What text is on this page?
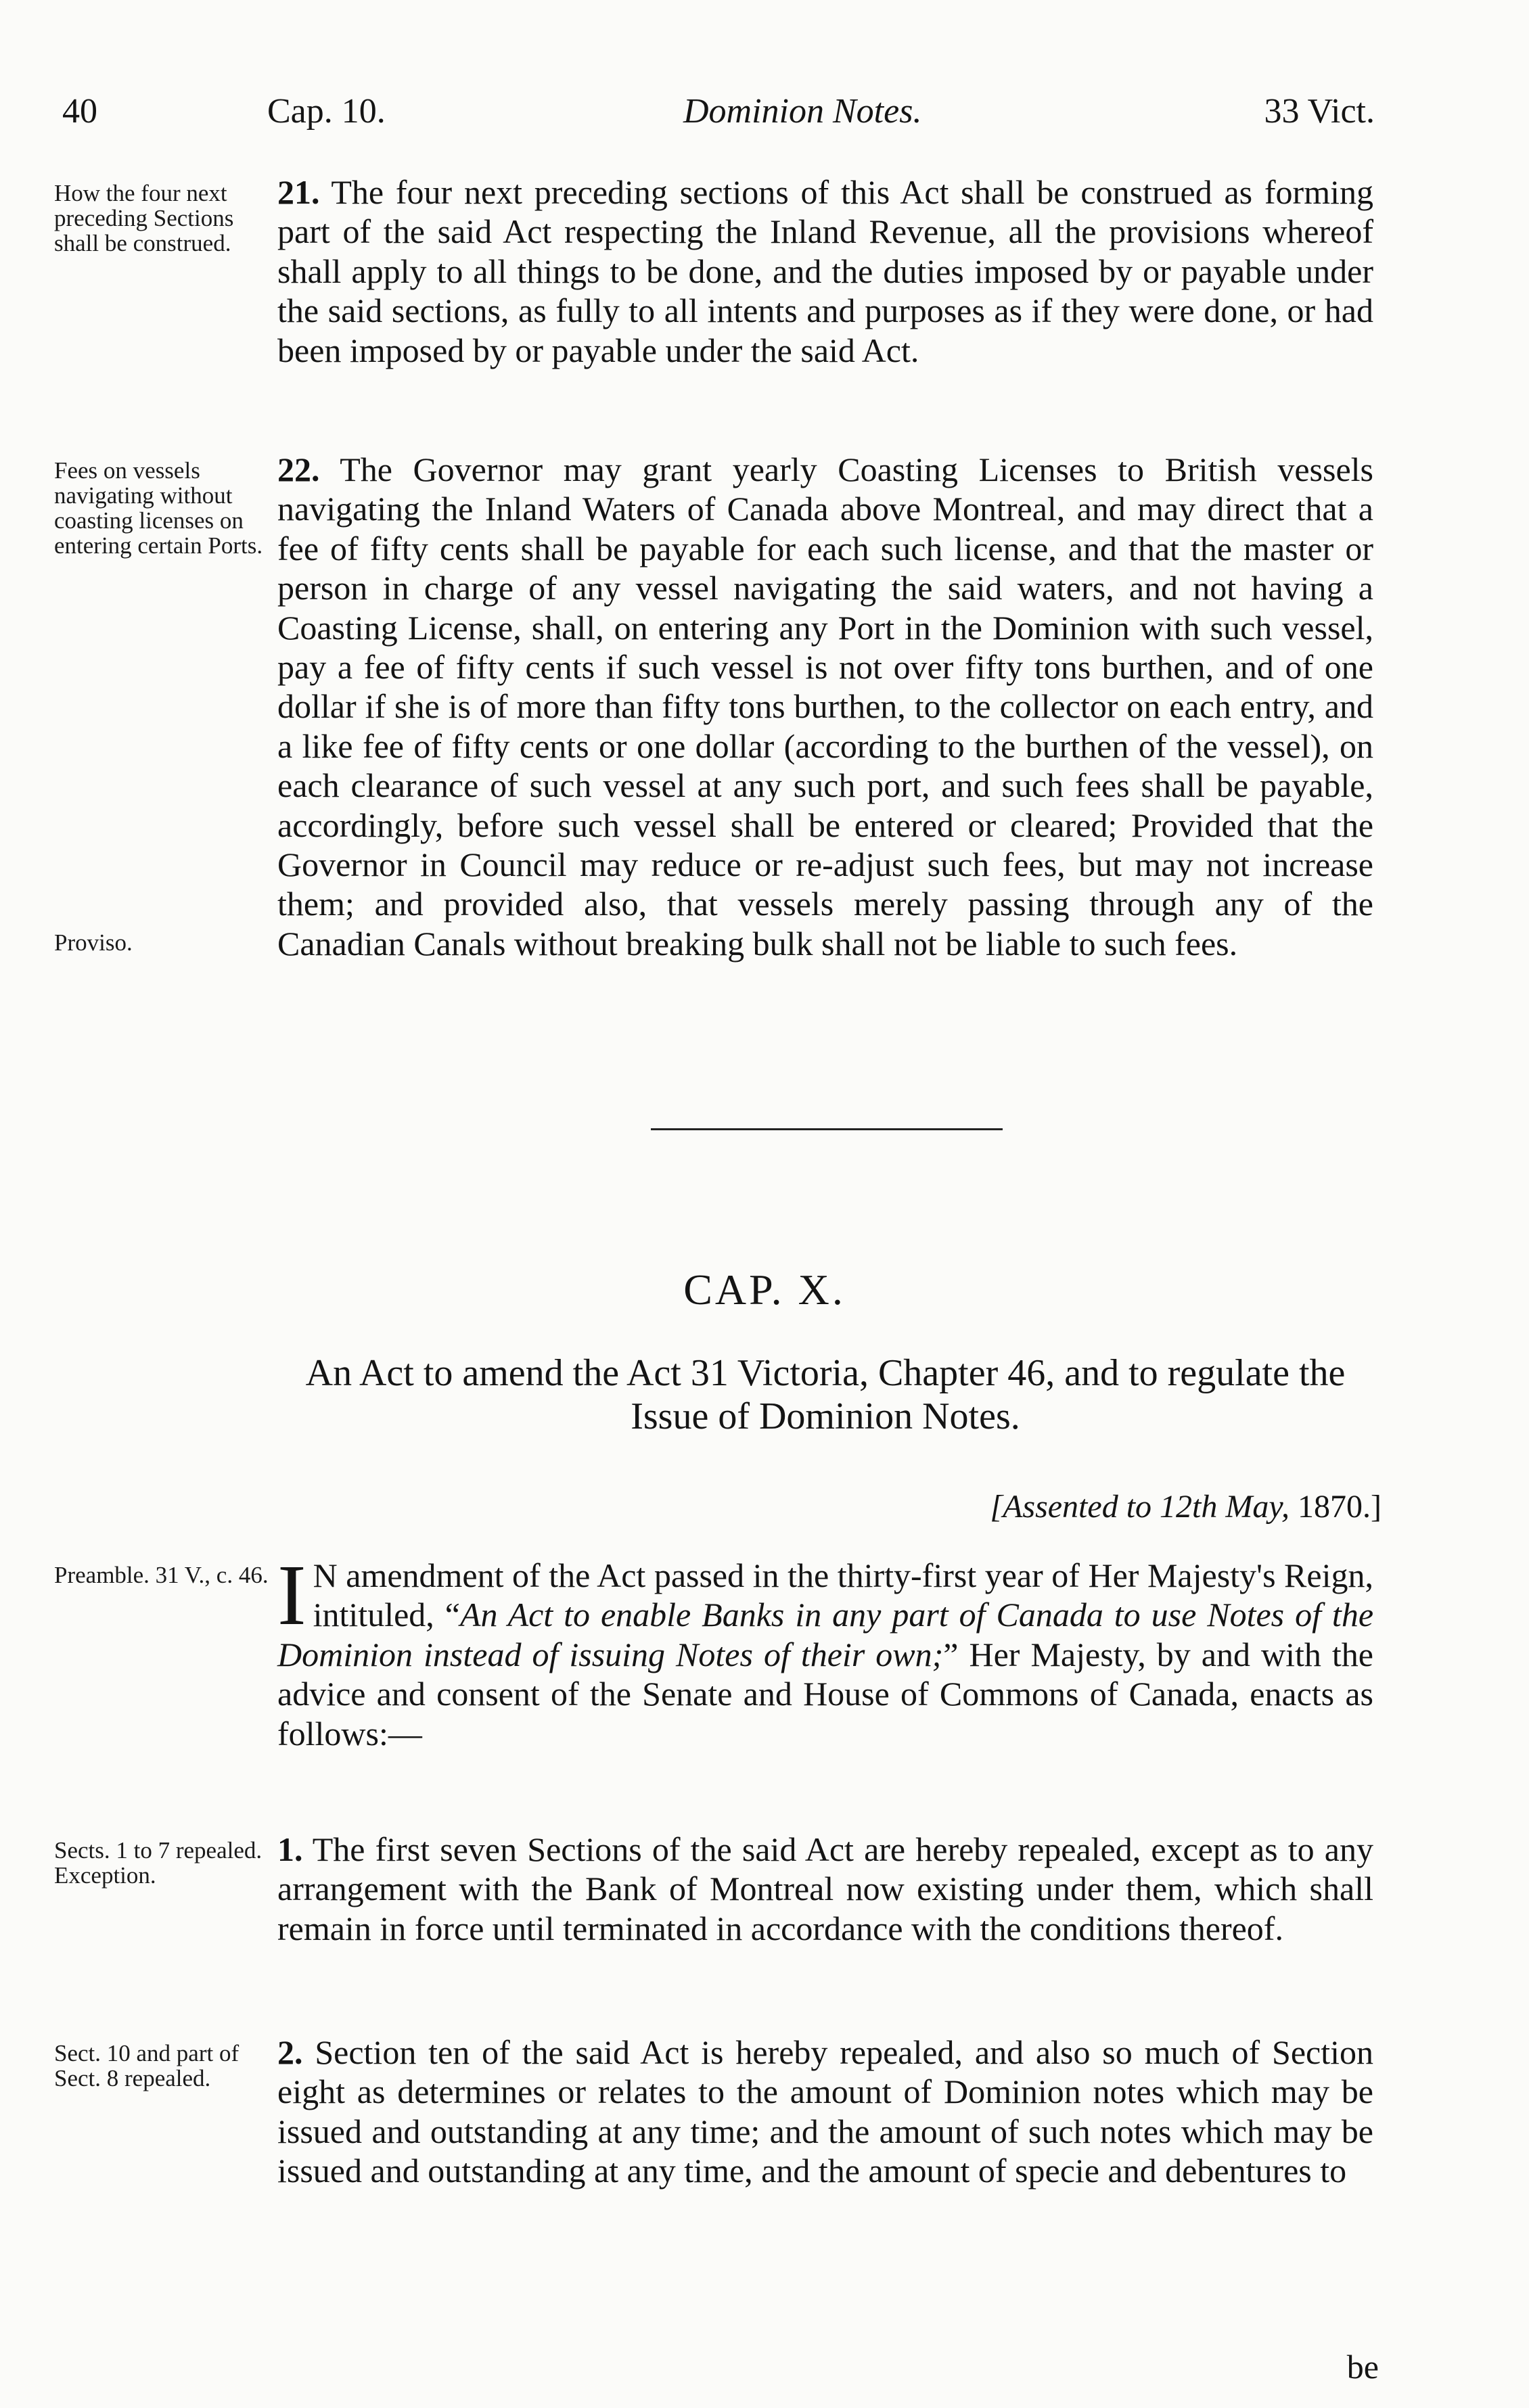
40	Cap. 10.	Dominion Notes.	33 Vict.
How the four next preceding Sections shall be construed.
21. The four next preceding sections of this Act shall be construed as forming part of the said Act respecting the Inland Revenue, all the provisions whereof shall apply to all things to be done, and the duties imposed by or payable under the said sections, as fully to all intents and purposes as if they were done, or had been imposed by or payable under the said Act.
Fees on vessels navigating without coasting licenses on entering certain Ports.
22. The Governor may grant yearly Coasting Licenses to British vessels navigating the Inland Waters of Canada above Montreal, and may direct that a fee of fifty cents shall be payable for each such license, and that the master or person in charge of any vessel navigating the said waters, and not having a Coasting License, shall, on entering any Port in the Dominion with such vessel, pay a fee of fifty cents if such vessel is not over fifty tons burthen, and of one dollar if she is of more than fifty tons burthen, to the collector on each entry, and a like fee of fifty cents or one dollar (according to the burthen of the vessel), on each clearance of such vessel at any such port, and such fees shall be payable, accordingly, before such vessel shall be entered or cleared; Provided that the Governor in Council may reduce or re-adjust such fees, but may not increase them; and provided also, that vessels merely passing through any of the Canadian Canals without breaking bulk shall not be liable to such fees.
Proviso.
CAP. X.
An Act to amend the Act 31 Victoria, Chapter 46, and to regulate the Issue of Dominion Notes.
[Assented to 12th May, 1870.]
Preamble. 31 V., c. 46. I N amendment of the Act passed in the thirty-first year of Her Majesty's Reign, intituled, “An Act to enable Banks in any part of Canada to use Notes of the Dominion instead of issuing Notes of their own;” Her Majesty, by and with the advice and consent of the Senate and House of Commons of Canada, enacts as follows:—
Sects. 1 to 7 repealed. Exception.
1. The first seven Sections of the said Act are hereby repealed, except as to any arrangement with the Bank of Montreal now existing under them, which shall remain in force until terminated in accordance with the conditions thereof.
Sect. 10 and part of Sect. 8 repealed.
2. Section ten of the said Act is hereby repealed, and also so much of Section eight as determines or relates to the amount of Dominion notes which may be issued and outstanding at any time; and the amount of such notes which may be issued and outstanding at any time, and the amount of specie and debentures to
be
